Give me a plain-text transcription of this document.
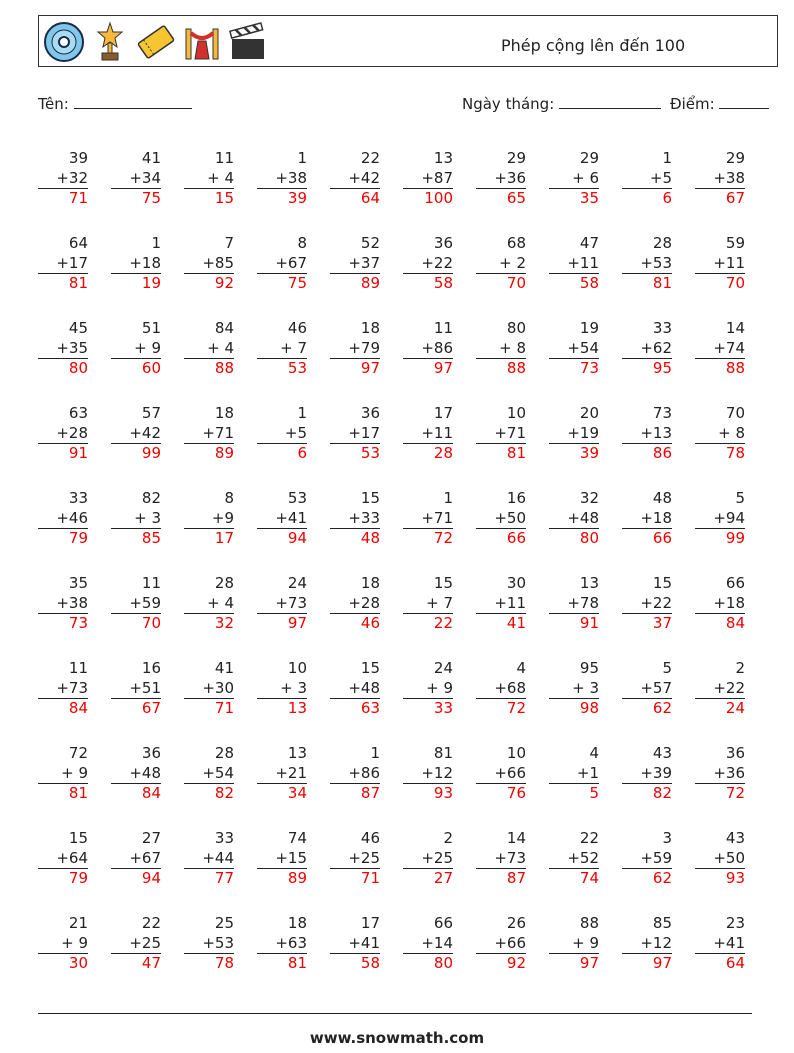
Phép cộng lên đến 100
Tên:	Ngày tháng:	Điểm:
39
+32
71
41
+34
75
11
+ 4
15
1
+38
39
22
+42
64
13
+87
100
29
+36
65
29
+ 6
35
1
+5
6
29
+38
67
64
+17
81
1
+18
19
7
+85
92
8
+67
75
52
+37
89
36
+22
58
68
+ 2
70
47
+11
58
28
+53
81
59
+11
70
45
+35
80
51
+ 9
60
84
+ 4
88
46
+ 7
53
18
+79
97
11
+86
97
80
+ 8
88
19
+54
73
33
+62
95
14
+74
88
63
+28
91
57
+42
99
18
+71
89
1
+5
6
36
+17
53
17
+11
28
10
+71
81
20
+19
39
73
+13
86
70
+ 8
78
33
+46
79
82
+ 3
85
8
+9
17
53
+41
94
15
+33
48
1
+71
72
16
+50
66
32
+48
80
48
+18
66
5
+94
99
35
+38
73
11
+59
70
28
+ 4
32
24
+73
97
18
+28
46
15
+ 7
22
30
+11
41
13
+78
91
15
+22
37
66
+18
84
11
+73
84
16
+51
67
41
+30
71
10
+ 3
13
15
+48
63
24
+ 9
33
4
+68
72
95
+ 3
98
5
+57
62
2
+22
24
72
+ 9
81
36
+48
84
28
+54
82
13
+21
34
1
+86
87
81
+12
93
10
+66
76
4
+1
5
43
+39
82
36
+36
72
15
+64
79
27
+67
94
33
+44
77
74
+15
89
46
+25
71
2
+25
27
14
+73
87
22
+52
74
3
+59
62
43
+50
93
21
+ 9
30
22
+25
47
25
+53
78
18
+63
81
17
+41
58
66
+14
80
26
+66
92
88
+ 9
97
85
+12
97
23
+41
64
www.snowmath.com
